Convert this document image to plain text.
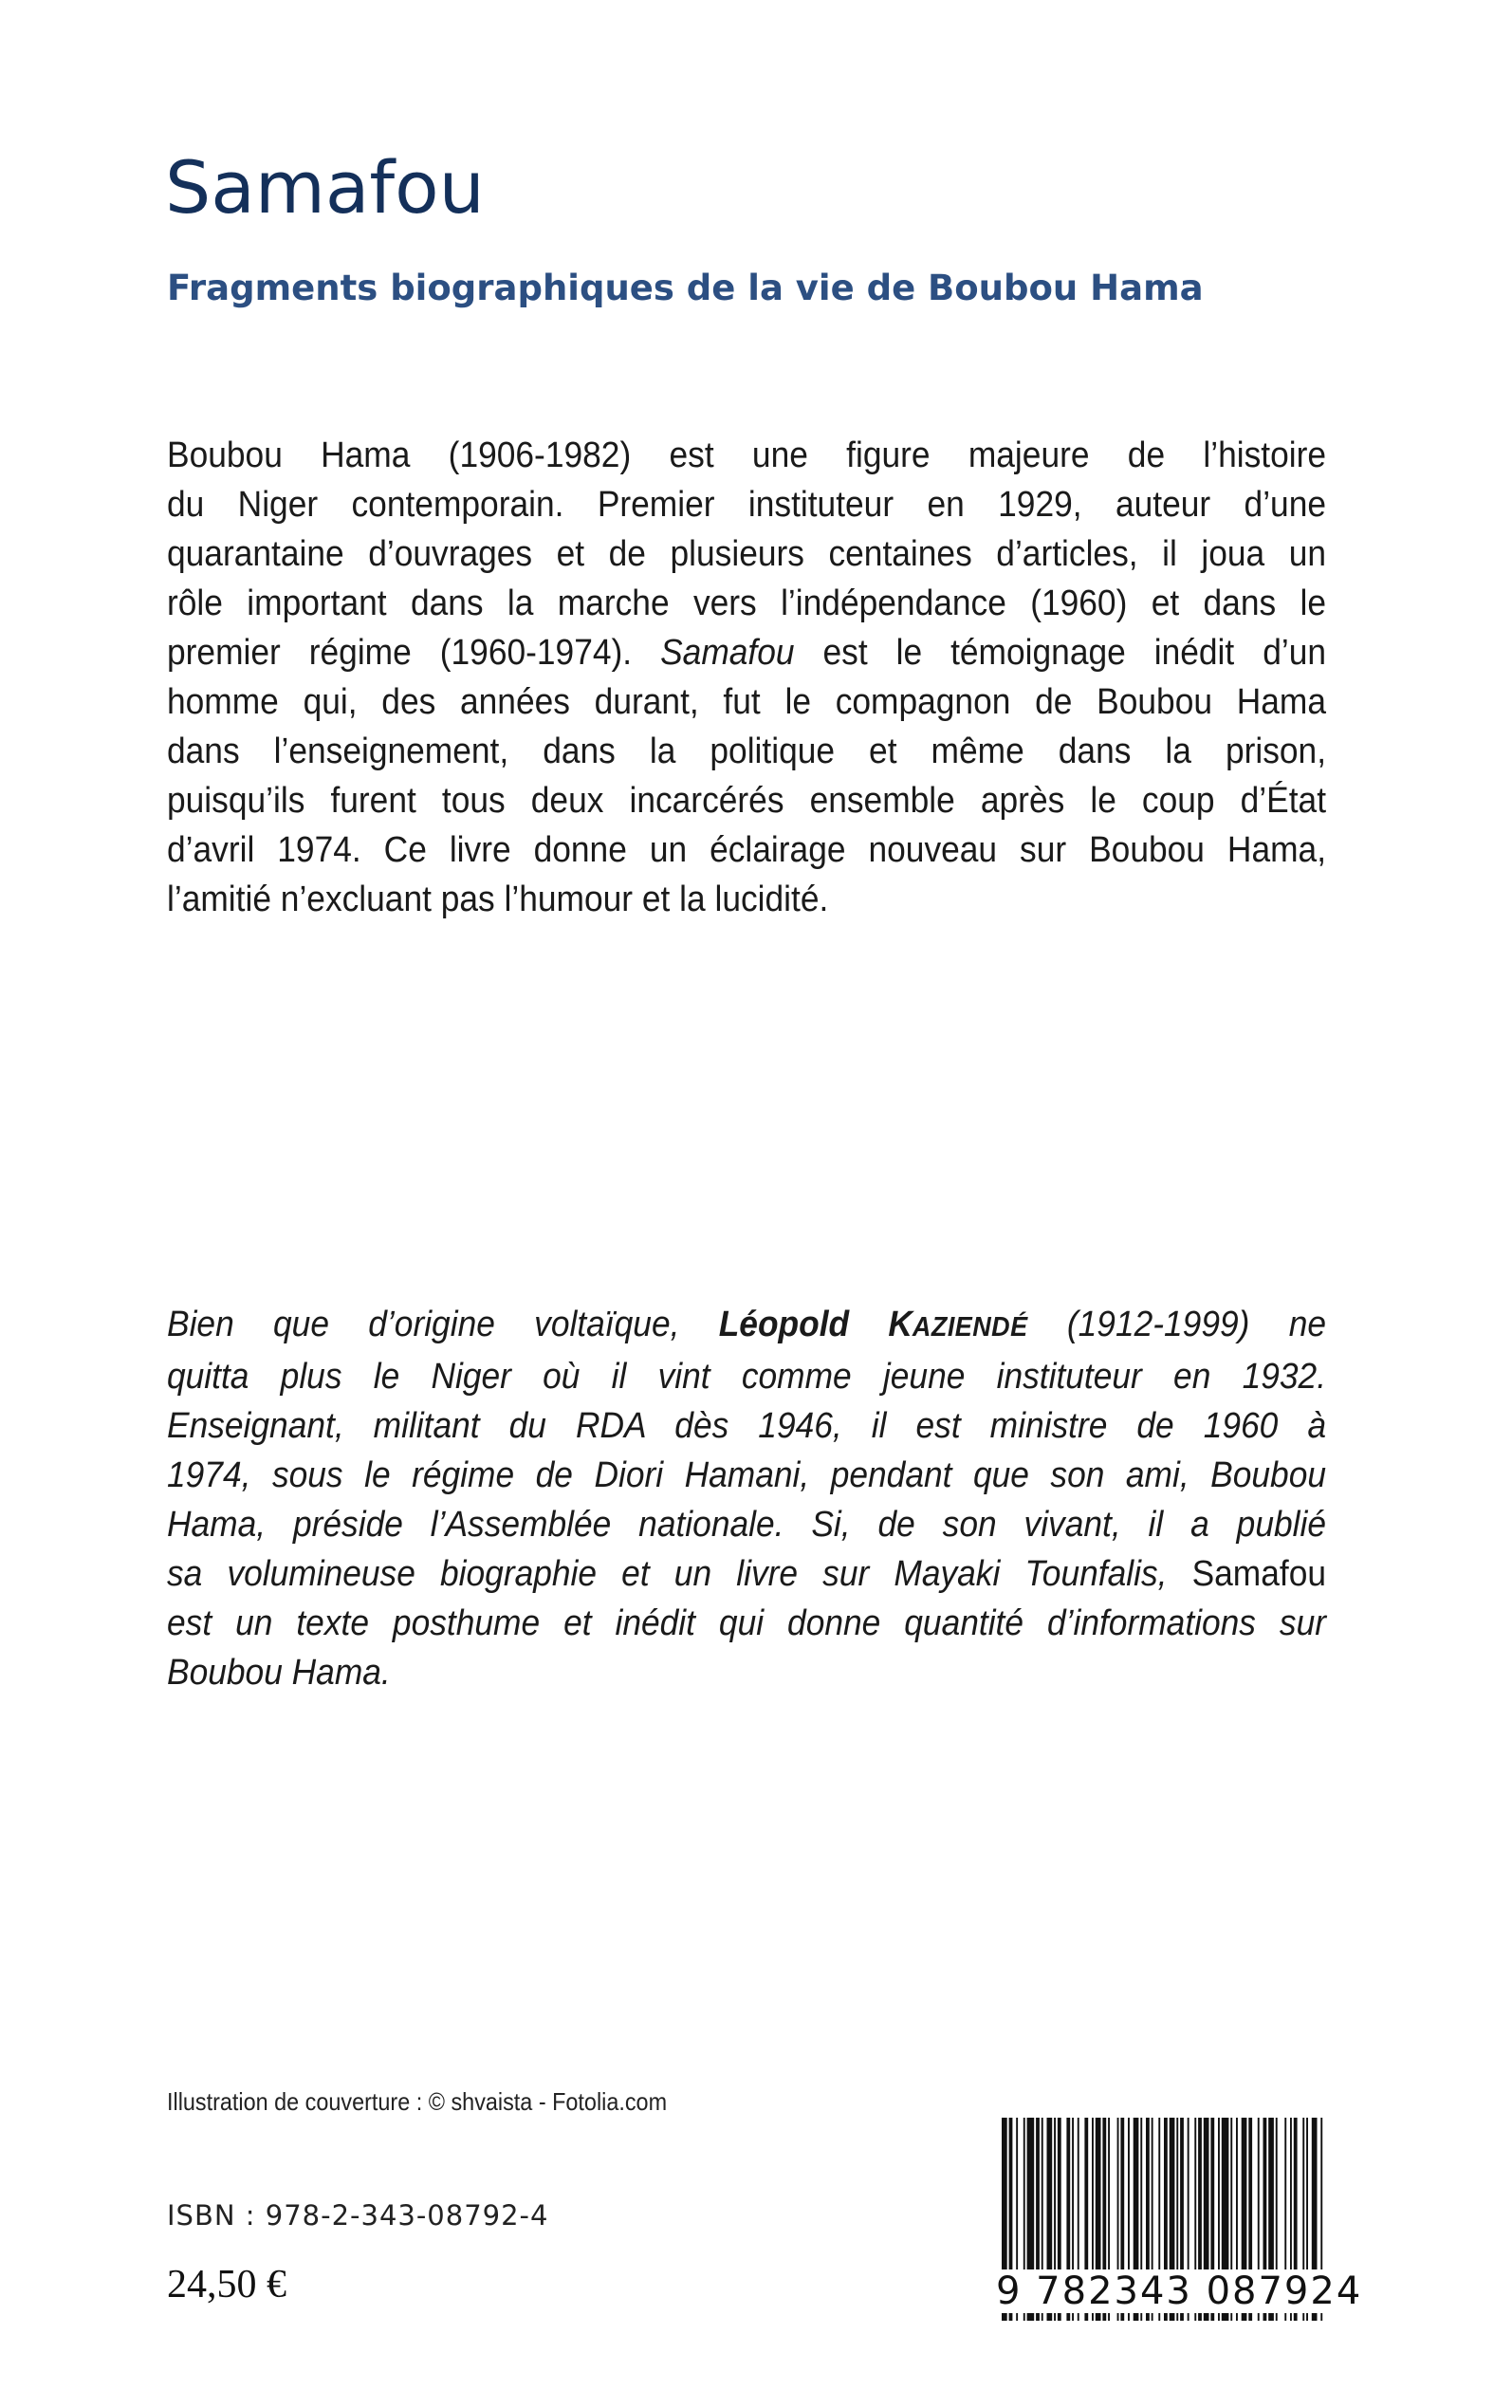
Samafou
Fragments biographiques de la vie de Boubou Hama
Boubou Hama (1906-1982) est une figure majeure de l’histoire
du Niger contemporain. Premier instituteur en 1929, auteur d’une
quarantaine d’ouvrages et de plusieurs centaines d’articles, il joua un
rôle important dans la marche vers l’indépendance (1960) et dans le
premier régime (1960-1974). Samafou est le témoignage inédit d’un
homme qui, des années durant, fut le compagnon de Boubou Hama
dans l’enseignement, dans la politique et même dans la prison,
puisqu’ils furent tous deux incarcérés ensemble après le coup d’État
d’avril 1974. Ce livre donne un éclairage nouveau sur Boubou Hama,
l’amitié n’excluant pas l’humour et la lucidité.
Bien que d’origine voltaïque, Léopold KAZIENDÉ (1912-1999) ne
quitta plus le Niger où il vint comme jeune instituteur en 1932.
Enseignant, militant du RDA dès 1946, il est ministre de 1960 à
1974, sous le régime de Diori Hamani, pendant que son ami, Boubou
Hama, préside l’Assemblée nationale. Si, de son vivant, il a publié
sa volumineuse biographie et un livre sur Mayaki Tounfalis, Samafou
est un texte posthume et inédit qui donne quantité d’informations sur
Boubou Hama.
Illustration de couverture : © shvaista - Fotolia.com
ISBN : 978-2-343-08792-4
24,50 €	9 782343 087924
